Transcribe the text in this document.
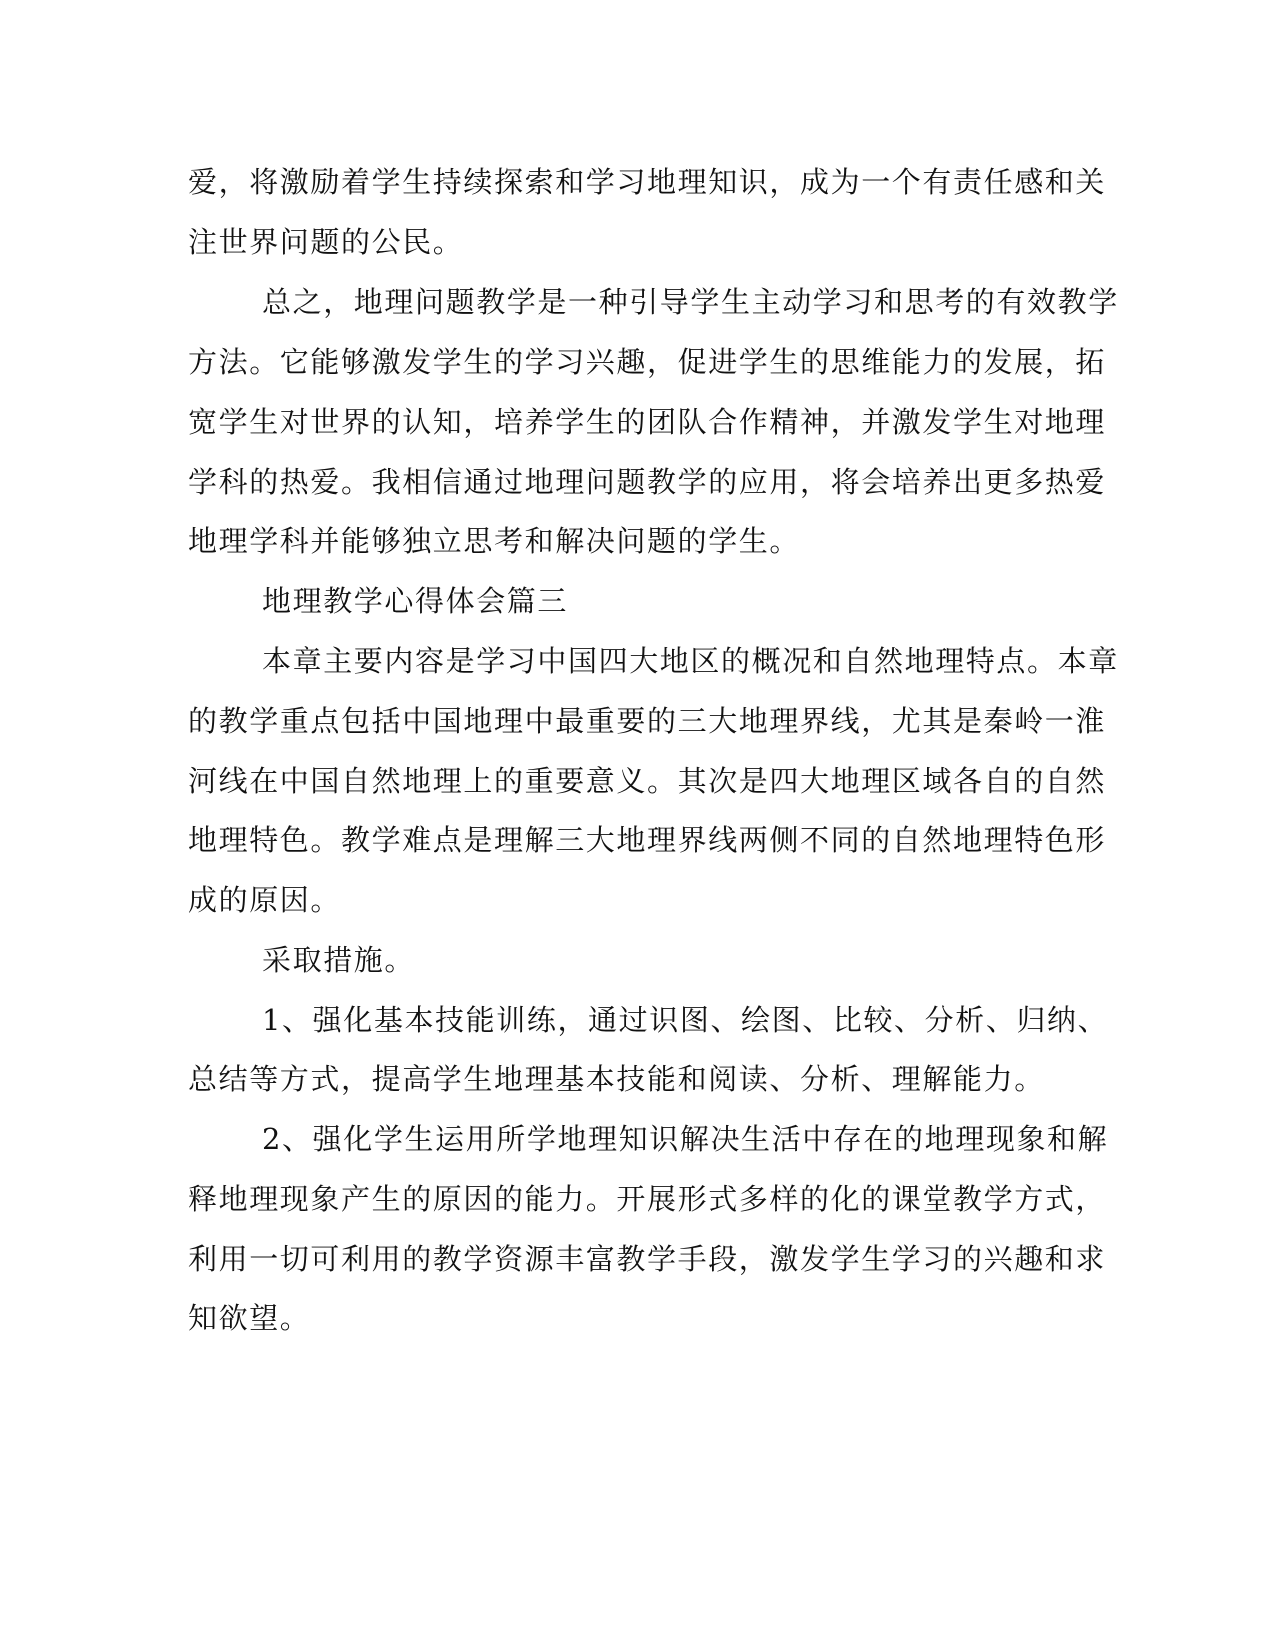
爱，将激励着学生持续探索和学习地理知识，成为一个有责任感和关
注世界问题的公民。
总之，地理问题教学是一种引导学生主动学习和思考的有效教学
方法。它能够激发学生的学习兴趣，促进学生的思维能力的发展，拓
宽学生对世界的认知，培养学生的团队合作精神，并激发学生对地理
学科的热爱。我相信通过地理问题教学的应用，将会培养出更多热爱
地理学科并能够独立思考和解决问题的学生。
地理教学心得体会篇三
本章主要内容是学习中国四大地区的概况和自然地理特点。本章
的教学重点包括中国地理中最重要的三大地理界线，尤其是秦岭一淮
河线在中国自然地理上的重要意义。其次是四大地理区域各自的自然
地理特色。教学难点是理解三大地理界线两侧不同的自然地理特色形
成的原因。
采取措施。
1、强化基本技能训练，通过识图、绘图、比较、分析、归纳、
总结等方式，提高学生地理基本技能和阅读、分析、理解能力。
2、强化学生运用所学地理知识解决生活中存在的地理现象和解
释地理现象产生的原因的能力。开展形式多样的化的课堂教学方式，
利用一切可利用的教学资源丰富教学手段，激发学生学习的兴趣和求
知欲望。
